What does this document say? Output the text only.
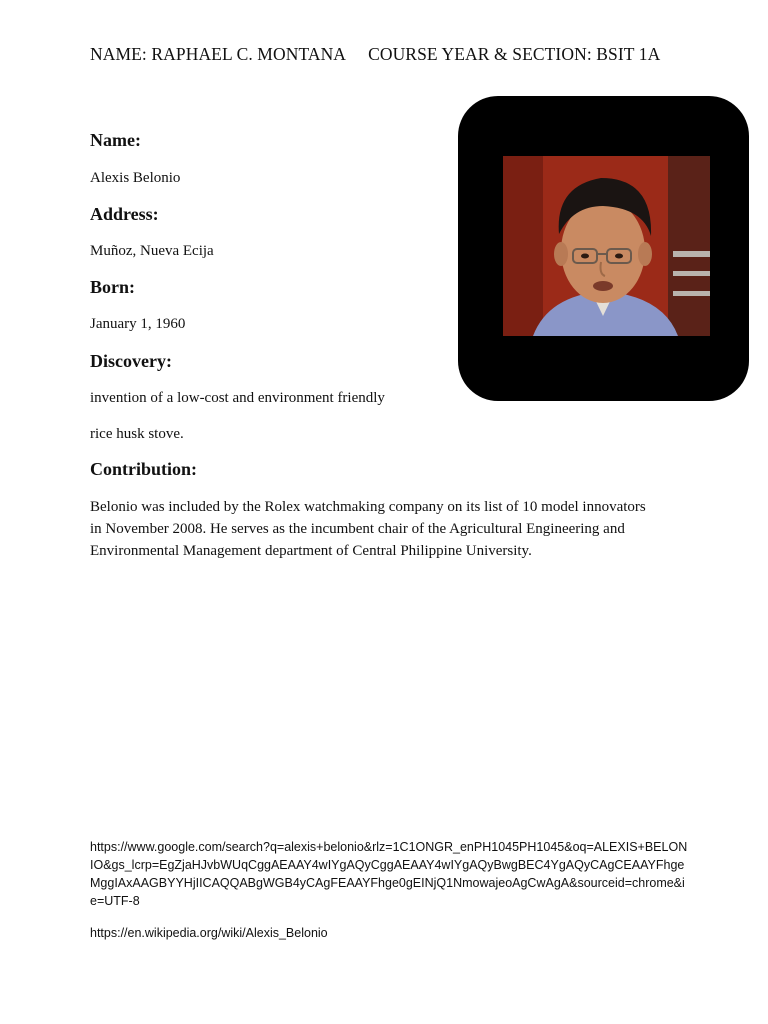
NAME: RAPHAEL C. MONTANA COURSE YEAR & SECTION: BSIT 1A
Name:

Alexis Belonio

Address:

Muñoz, Nueva Ecija

Born:

January 1, 1960

Discovery:

invention of a low-cost and environment friendly

rice husk stove.

Contribution:

Belonio was included by the Rolex watchmaking company on its list of 10 model innovators in November 2008. He serves as the incumbent chair of the Agricultural Engineering and Environmental Management department of Central Philippine University.

https://www.google.com/search?q=alexis+belonio&rlz=1C1ONGR_enPH1045PH1045&oq=ALEXIS+BELONIO&gs_lcrp=EgZjaHJvbWUqCggAEAAY4wIYgAQyCggAEAAY4wIYgAQyBwgBEC4YgAQyCAgCEAAYFhgeMggIAxAAGBYYHjIICAQQABgWGB4yCAgFEAAYFhge0gEINjQ1NmowajeoAgCwAgA&sourceid=chrome&ie=UTF-8
https://en.wikipedia.org/wiki/Alexis_Belonio
